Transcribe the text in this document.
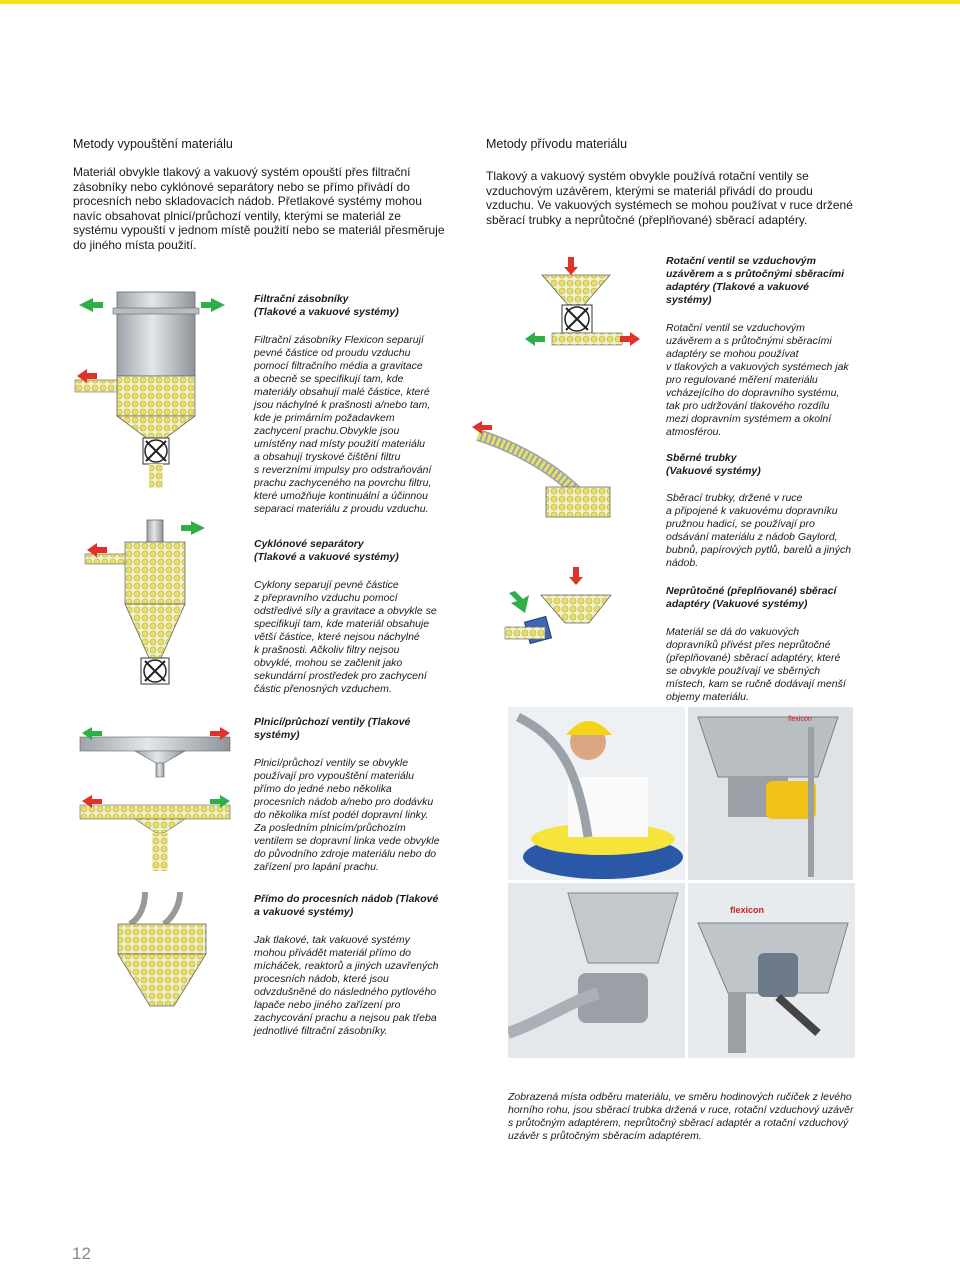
Metody vypouštění materiálu
Materiál obvykle tlakový a vakuový systém opouští přes filtrační
zásobníky nebo cyklónové separátory nebo se přímo přivádí do
procesních nebo skladovacích nádob. Přetlakové systémy mohou
navíc obsahovat plnicí/průchozí ventily, kterými se materiál ze
systému vypouští v jednom místě použití nebo se materiál přesměruje
do jiného místa použití.
Filtrační zásobníky
(Tlakové a vakuové systémy)
Filtrační zásobníky Flexicon separují
pevné částice od proudu vzduchu
pomocí filtračního média a gravitace
a obecně se specifikují tam, kde
materiály obsahují malé částice, které
jsou náchylné k prašnosti a/nebo tam,
kde je primárním požadavkem
zachycení prachu.Obvykle jsou
umístěny nad místy použití materiálu
a obsahují tryskové čištění filtru
s reverzními impulsy pro odstraňování
prachu zachyceného na povrchu filtru,
které umožňuje kontinuální a účinnou
separaci materiálu z proudu vzduchu.
Cyklónové separátory
(Tlakové a vakuové systémy)
Cyklony separují pevné částice
z přepravního vzduchu pomocí
odstředivé síly a gravitace a obvykle se
specifikují tam, kde materiál obsahuje
větší částice, které nejsou náchylné
k prašnosti. Ačkoliv filtry nejsou
obvyklé, mohou se začlenit jako
sekundární prostředek pro zachycení
částic přenosných vzduchem.
Plnicí/průchozí ventily (Tlakové
systémy)
Plnicí/průchozí ventily se obvykle
používají pro vypouštění materiálu
přímo do jedné nebo několika
procesních nádob a/nebo pro dodávku
do několika míst podél dopravní linky.
Za posledním plnicím/průchozím
ventilem se dopravní linka vede obvykle
do původního zdroje materiálu nebo do
zařízení pro lapání prachu.
Přímo do procesních nádob (Tlakové
a vakuové systémy)
Jak tlakové, tak vakuové systémy
mohou přivádět materiál přímo do
mícháček, reaktorů a jiných uzavřených
procesních nádob, které jsou
odvzdušněné do následného pytlového
lapače nebo jiného zařízení pro
zachycování prachu a nejsou pak třeba
jednotlivé filtrační zásobníky.
Metody přívodu materiálu
Tlakový a vakuový systém obvykle používá rotační ventily se
vzduchovým uzávěrem, kterými se materiál přivádí do proudu
vzduchu. Ve vakuových systémech se mohou používat v ruce držené
sběrací trubky a neprůtočné (přeplňované) sběrací adaptéry.
Rotační ventil se vzduchovým
uzávěrem a s průtočnými sběracími
adaptéry (Tlakové a vakuové
systémy)
Rotační ventil se vzduchovým
uzávěrem a s průtočnými sběracími
adaptéry se mohou používat
v tlakových a vakuových systémech jak
pro regulované měření materiálu
vcházejícího do dopravního systému,
tak pro udržování tlakového rozdílu
mezi dopravním systémem a okolní
atmosférou.
Sběrné trubky
(Vakuové systémy)
Sběrací trubky, držené v ruce
a připojené k vakuovému dopravníku
pružnou hadicí, se používají pro
odsávání materiálu z nádob Gaylord,
bubnů, papírových pytlů, barelů a jiných
nádob.
Neprůtočné (přeplňované) sběrací
adaptéry (Vakuové systémy)
Materiál se dá do vakuových
dopravníků přivést přes neprůtočné
(přeplňované) sběrací adaptéry, které
se obvykle používají ve sběrných
místech, kam se ručně dodávají menší
objemy materiálu.
Zobrazená místa odběru materiálu, ve směru hodinových ručiček z levého
horního rohu, jsou sběrací trubka držená v ruce, rotační vzduchový uzávěr
s průtočným adaptérem, neprůtočný sběrací adaptér a rotační vzduchový
uzávěr s průtočným sběracím adaptérem.
12
flexicon
flexicon
